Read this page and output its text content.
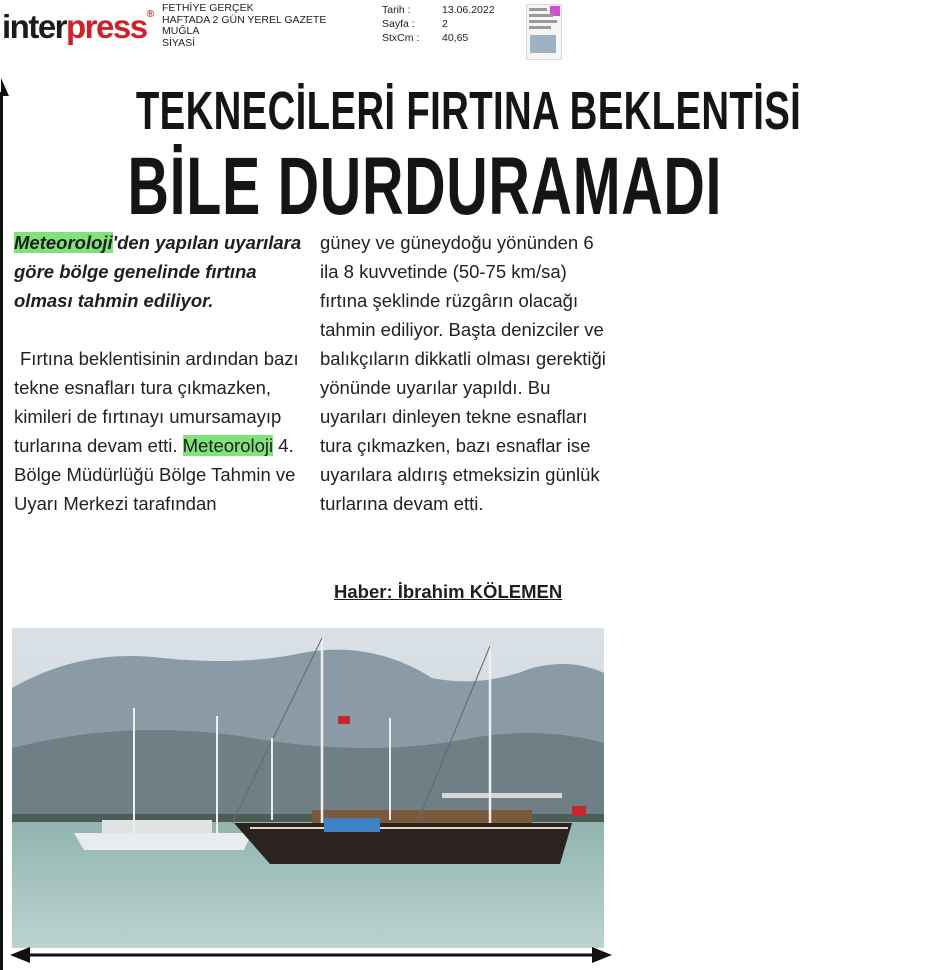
interpress®
FETHİYE GERÇEK
HAFTADA 2 GÜN YEREL GAZETE
MUĞLA
SİYASİ
Tarih :	13.06.2022
Sayfa :	2
StxCm :	40,65
TEKNECİLERİ FIRTINA BEKLENTİSİ
BİLE DURDURAMADI
Meteoroloji'den yapılan uyarılara göre bölge genelinde fırtına olması tahmin ediliyor.
Fırtına beklentisinin ardından bazı tekne esnafları tura çıkmazken, kimileri de fırtınayı umursamayıp turlarına devam etti. Meteoroloji 4. Bölge Müdürlüğü Bölge Tahmin ve Uyarı Merkezi tarafından
güney ve güneydoğu yönünden 6 ila 8 kuvvetinde (50-75 km/sa) fırtına şeklinde rüzgârın olacağı tahmin ediliyor. Başta denizciler ve balıkçıların dikkatli olması gerektiği yönünde uyarılar yapıldı. Bu uyarıları dinleyen tekne esnafları tura çıkmazken, bazı esnaflar ise uyarılara aldırış etmeksizin günlük turlarına devam etti.
Haber: İbrahim KÖLEMEN
